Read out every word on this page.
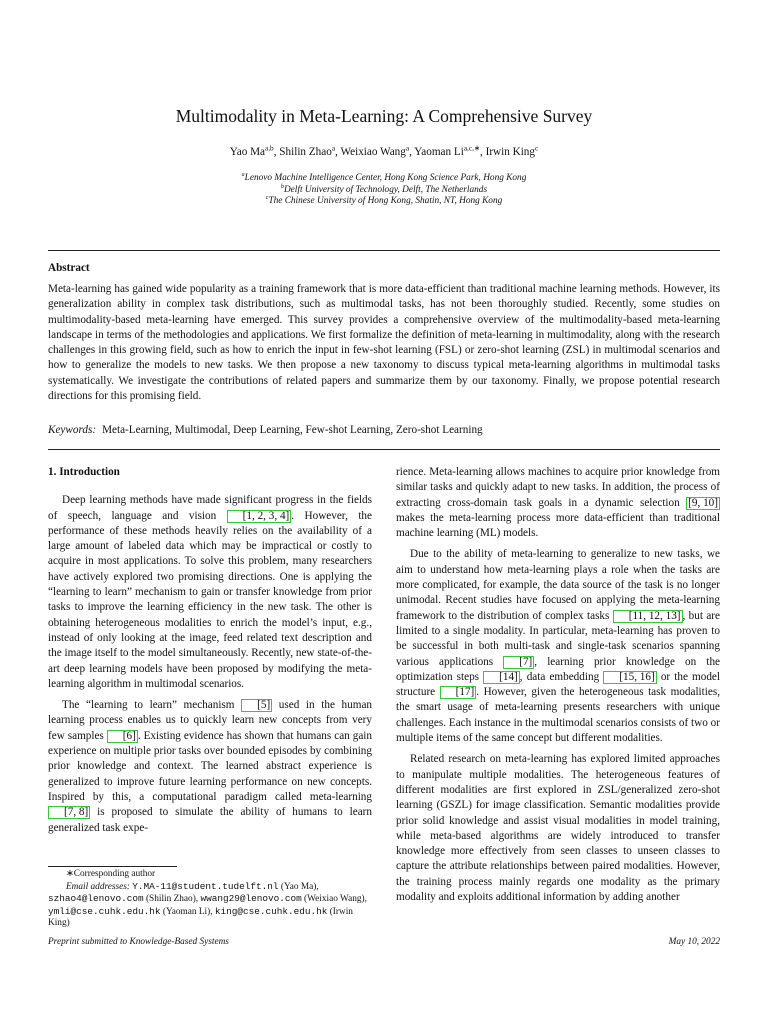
Multimodality in Meta-Learning: A Comprehensive Survey
Yao Ma$^{a,b}$, Shilin Zhao$^a$, Weixiao Wang$^a$, Yaoman $Li^{a,c,∗}$, Irwin King$^c$
$^a$Lenovo Machine Intelligence Center, Hong Kong Science Park, Hong Kong
$^b$Delft University of Technology, Delft, The Netherlands
$^c$The Chinese University of Hong Kong, Shatin, NT, Hong Kong
Abstract
Meta-learning has gained wide popularity as a training framework that is more data-efficient than traditional machine learning methods. However, its generalization ability in complex task distributions, such as multimodal tasks, has not been thoroughly studied. Recently, some studies on multimodality-based meta-learning have emerged. This survey provides a comprehensive overview of the multimodality-based meta-learning landscape in terms of the methodologies and applications. We first formalize the definition of meta-learning in multimodality, along with the research challenges in this growing field, such as how to enrich the input in few-shot learning (FSL) or zero-shot learning (ZSL) in multimodal scenarios and how to generalize the models to new tasks. We then propose a new taxonomy to discuss typical meta-learning algorithms in multimodal tasks systematically. We investigate the contributions of related papers and summarize them by our taxonomy. Finally, we propose potential research directions for this promising field.
Keywords: Meta-Learning, Multimodal, Deep Learning, Few-shot Learning, Zero-shot Learning
1. Introduction

Deep learning methods have made significant progress in the fields of speech, language and vision [1, 2, 3, 4] . However, the performance of these methods heavily relies on the availability of a large amount of labeled data which may be impractical or costly to acquire in most applications. To solve this problem, many researchers have actively explored two promising directions. One is applying the “learning to learn” mechanism to gain or transfer knowledge from prior tasks to improve the learning efficiency in the new task. The other is obtaining heterogeneous modalities to enrich the model’s input, e.g., instead of only looking at the image, feed related text description and the image itself to the model simultaneously. Recently, new state-of-the-art deep learning models have been proposed by modifying the meta-learning algorithm in multimodal scenarios.

The “learning to learn” mechanism [5] used in the human learning process enables us to quickly learn new concepts from very few samples [6] . Existing evidence has shown that humans can gain experience on multiple prior tasks over bounded episodes by combining prior knowledge and context. The learned abstract experience is generalized to improve future learning performance on new concepts. Inspired by this, a computational paradigm called meta-learning [7, 8] is proposed to simulate the ability of humans to learn generalized task expe-

rience. Meta-learning allows machines to acquire prior knowledge from similar tasks and quickly adapt to new tasks. In addition, the process of extracting cross-domain task goals in a dynamic selection [9, 10] makes the meta-learning process more data-efficient than traditional machine learning (ML) models.

Due to the ability of meta-learning to generalize to new tasks, we aim to understand how meta-learning plays a role when the tasks are more complicated, for example, the data source of the task is no longer unimodal. Recent studies have focused on applying the meta-learning framework to the distribution of complex tasks [11, 12, 13] , but are limited to a single modality. In particular, meta-learning has proven to be successful in both multi-task and single-task scenarios spanning various applications [7] , learning prior knowledge on the optimization steps [14] , data embedding [15, 16] or the model structure [17] . However, given the heterogeneous task modalities, the smart usage of meta-learning presents researchers with unique challenges. Each instance in the multimodal scenarios consists of two or multiple items of the same concept but different modalities.

Related research on meta-learning has explored limited approaches to manipulate multiple modalities. The heterogeneous features of different modalities are first explored in ZSL/generalized zero-shot learning (GSZL) for image classification. Semantic modalities provide prior solid knowledge and assist visual modalities in model training, while meta-based algorithms are widely introduced to transfer knowledge more effectively from seen classes to unseen classes to capture the attribute relationships between paired modalities. However, the training process mainly regards one modality as the primary modality and exploits additional information by adding another

∗Corresponding author
Email addresses: Y.MA-11@student.tudelft.nl (Yao Ma), szhao4@lenovo.com (Shilin Zhao), wwang29@lenovo.com (Weixiao Wang), ymli@cse.cuhk.edu.hk (Yaoman Li), king@cse.cuhk.edu.hk (Irwin King)
Preprint submitted to Knowledge-Based Systems	May 10, 2022
